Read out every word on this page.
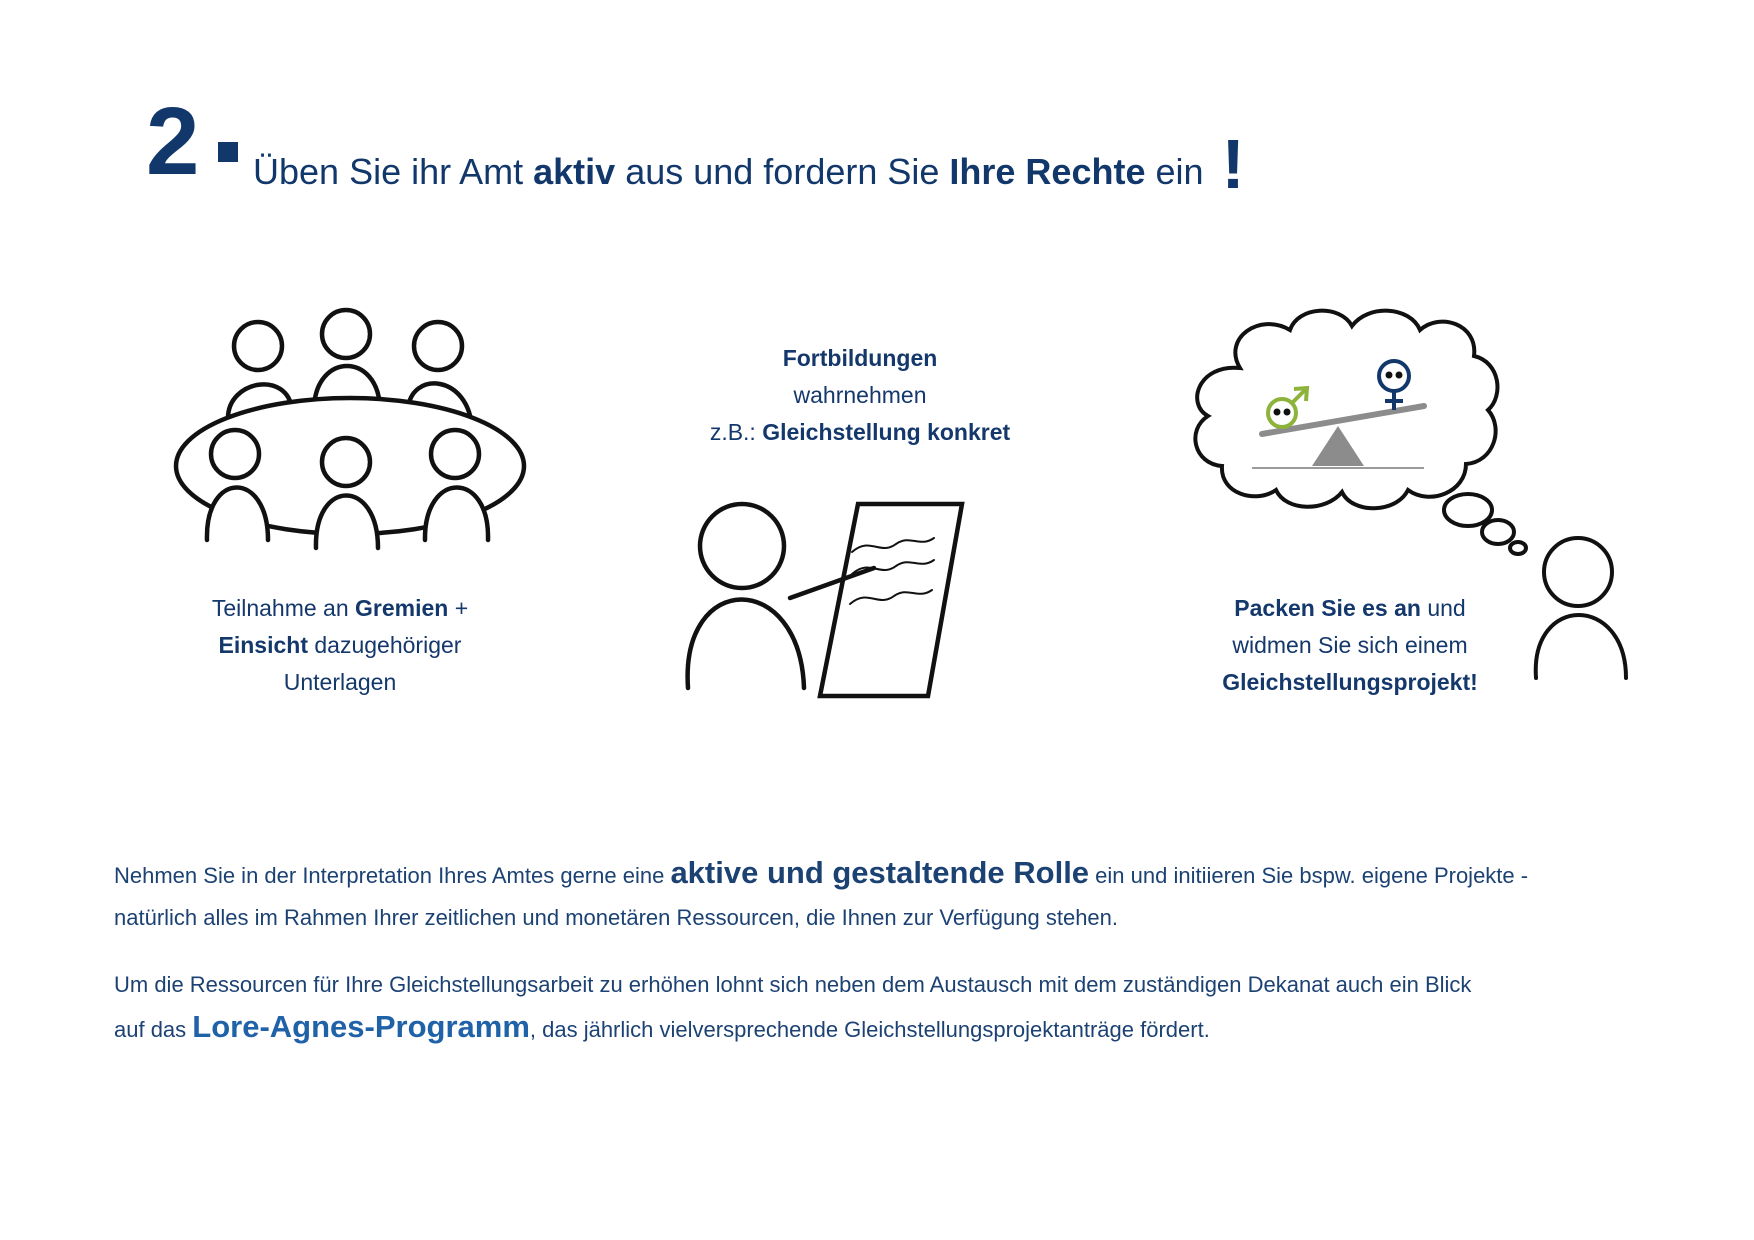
2 Üben Sie ihr Amt aktiv aus und fordern Sie Ihre Rechte ein !
Teilnahme an Gremien +
Einsicht dazugehöriger
Unterlagen
Fortbildungen
wahrnehmen
z.B.: Gleichstellung konkret
Packen Sie es an und
widmen Sie sich einem
Gleichstellungsprojekt!
Nehmen Sie in der Interpretation Ihres Amtes gerne eine aktive und gestaltende Rolle ein und initiieren Sie bspw. eigene Projekte -
natürlich alles im Rahmen Ihrer zeitlichen und monetären Ressourcen, die Ihnen zur Verfügung stehen.
Um die Ressourcen für Ihre Gleichstellungsarbeit zu erhöhen lohnt sich neben dem Austausch mit dem zuständigen Dekanat auch ein Blick
auf das Lore-Agnes-Programm, das jährlich vielversprechende Gleichstellungsprojektanträge fördert.
